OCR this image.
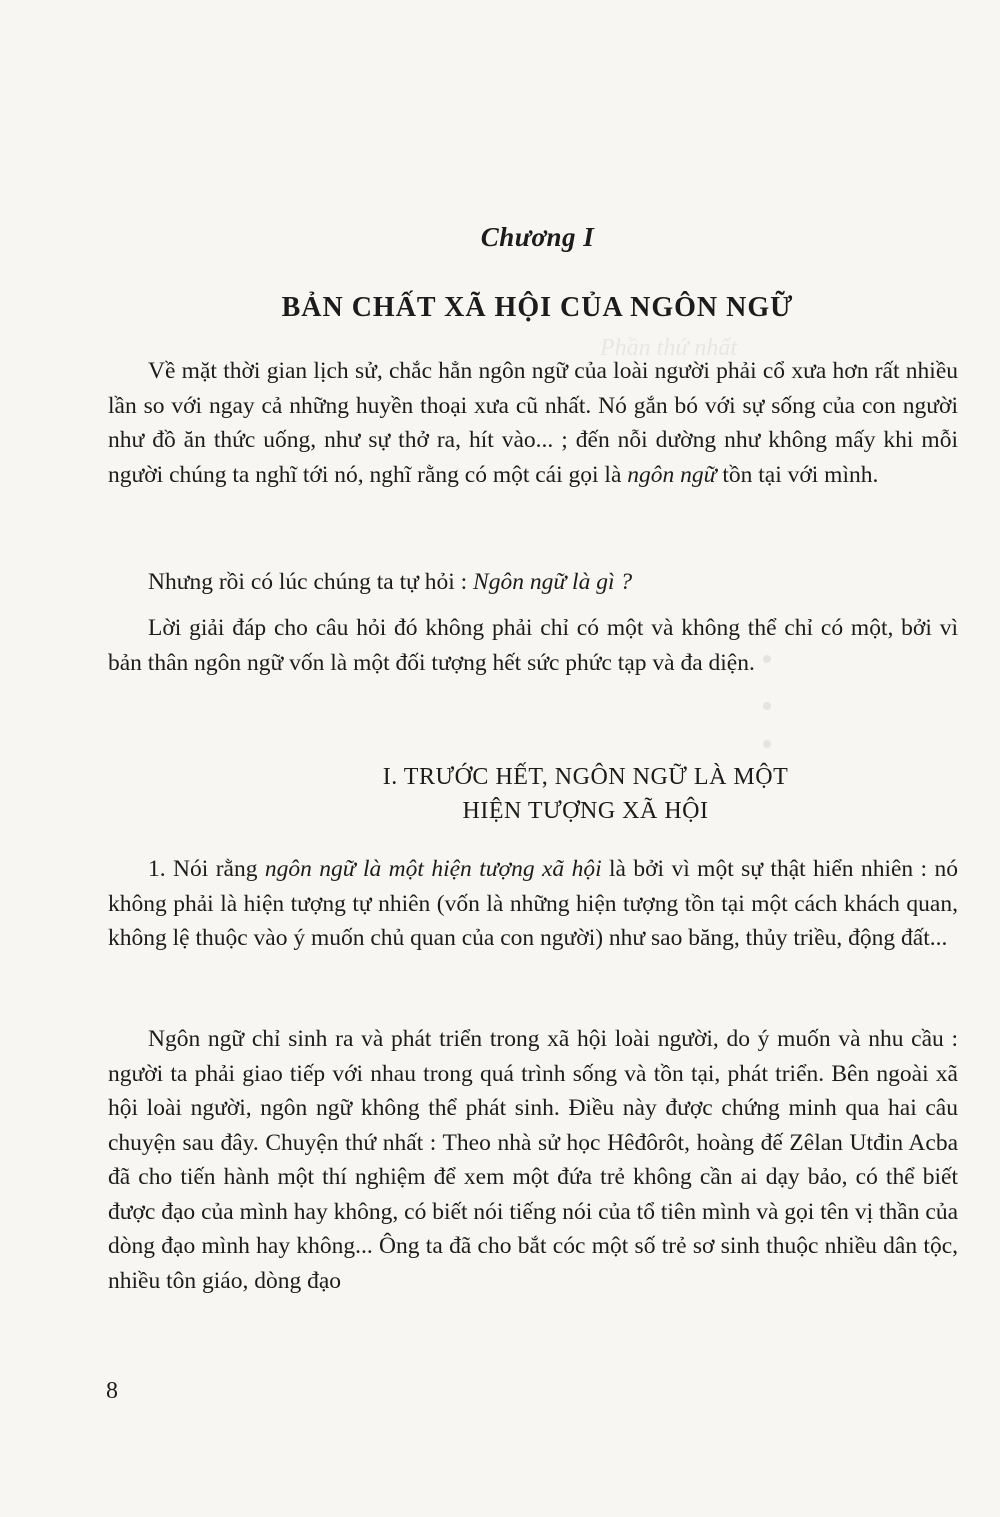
Phần thứ nhất
Chương I
BẢN CHẤT XÃ HỘI CỦA NGÔN NGỮ

Về mặt thời gian lịch sử, chắc hẳn ngôn ngữ của loài người phải cổ xưa hơn rất nhiều lần so với ngay cả những huyền thoại xưa cũ nhất. Nó gắn bó với sự sống của con người như đồ ăn thức uống, như sự thở ra, hít vào... ; đến nỗi dường như không mấy khi mỗi người chúng ta nghĩ tới nó, nghĩ rằng có một cái gọi là ngôn ngữ tồn tại với mình.

Nhưng rồi có lúc chúng ta tự hỏi : Ngôn ngữ là gì ?

Lời giải đáp cho câu hỏi đó không phải chỉ có một và không thể chỉ có một, bởi vì bản thân ngôn ngữ vốn là một đối tượng hết sức phức tạp và đa diện.

I. TRƯỚC HẾT, NGÔN NGỮ LÀ MỘT
HIỆN TƯỢNG XÃ HỘI

1. Nói rằng ngôn ngữ là một hiện tượng xã hội là bởi vì một sự thật hiển nhiên : nó không phải là hiện tượng tự nhiên (vốn là những hiện tượng tồn tại một cách khách quan, không lệ thuộc vào ý muốn chủ quan của con người) như sao băng, thủy triều, động đất...

Ngôn ngữ chỉ sinh ra và phát triển trong xã hội loài người, do ý muốn và nhu cầu : người ta phải giao tiếp với nhau trong quá trình sống và tồn tại, phát triển. Bên ngoài xã hội loài người, ngôn ngữ không thể phát sinh. Điều này được chứng minh qua hai câu chuyện sau đây. Chuyện thứ nhất : Theo nhà sử học Hêđôrôt, hoàng đế Zêlan Utđin Acba đã cho tiến hành một thí nghiệm để xem một đứa trẻ không cần ai dạy bảo, có thể biết được đạo của mình hay không, có biết nói tiếng nói của tổ tiên mình và gọi tên vị thần của dòng đạo mình hay không... Ông ta đã cho bắt cóc một số trẻ sơ sinh thuộc nhiều dân tộc, nhiều tôn giáo, dòng đạo

8
